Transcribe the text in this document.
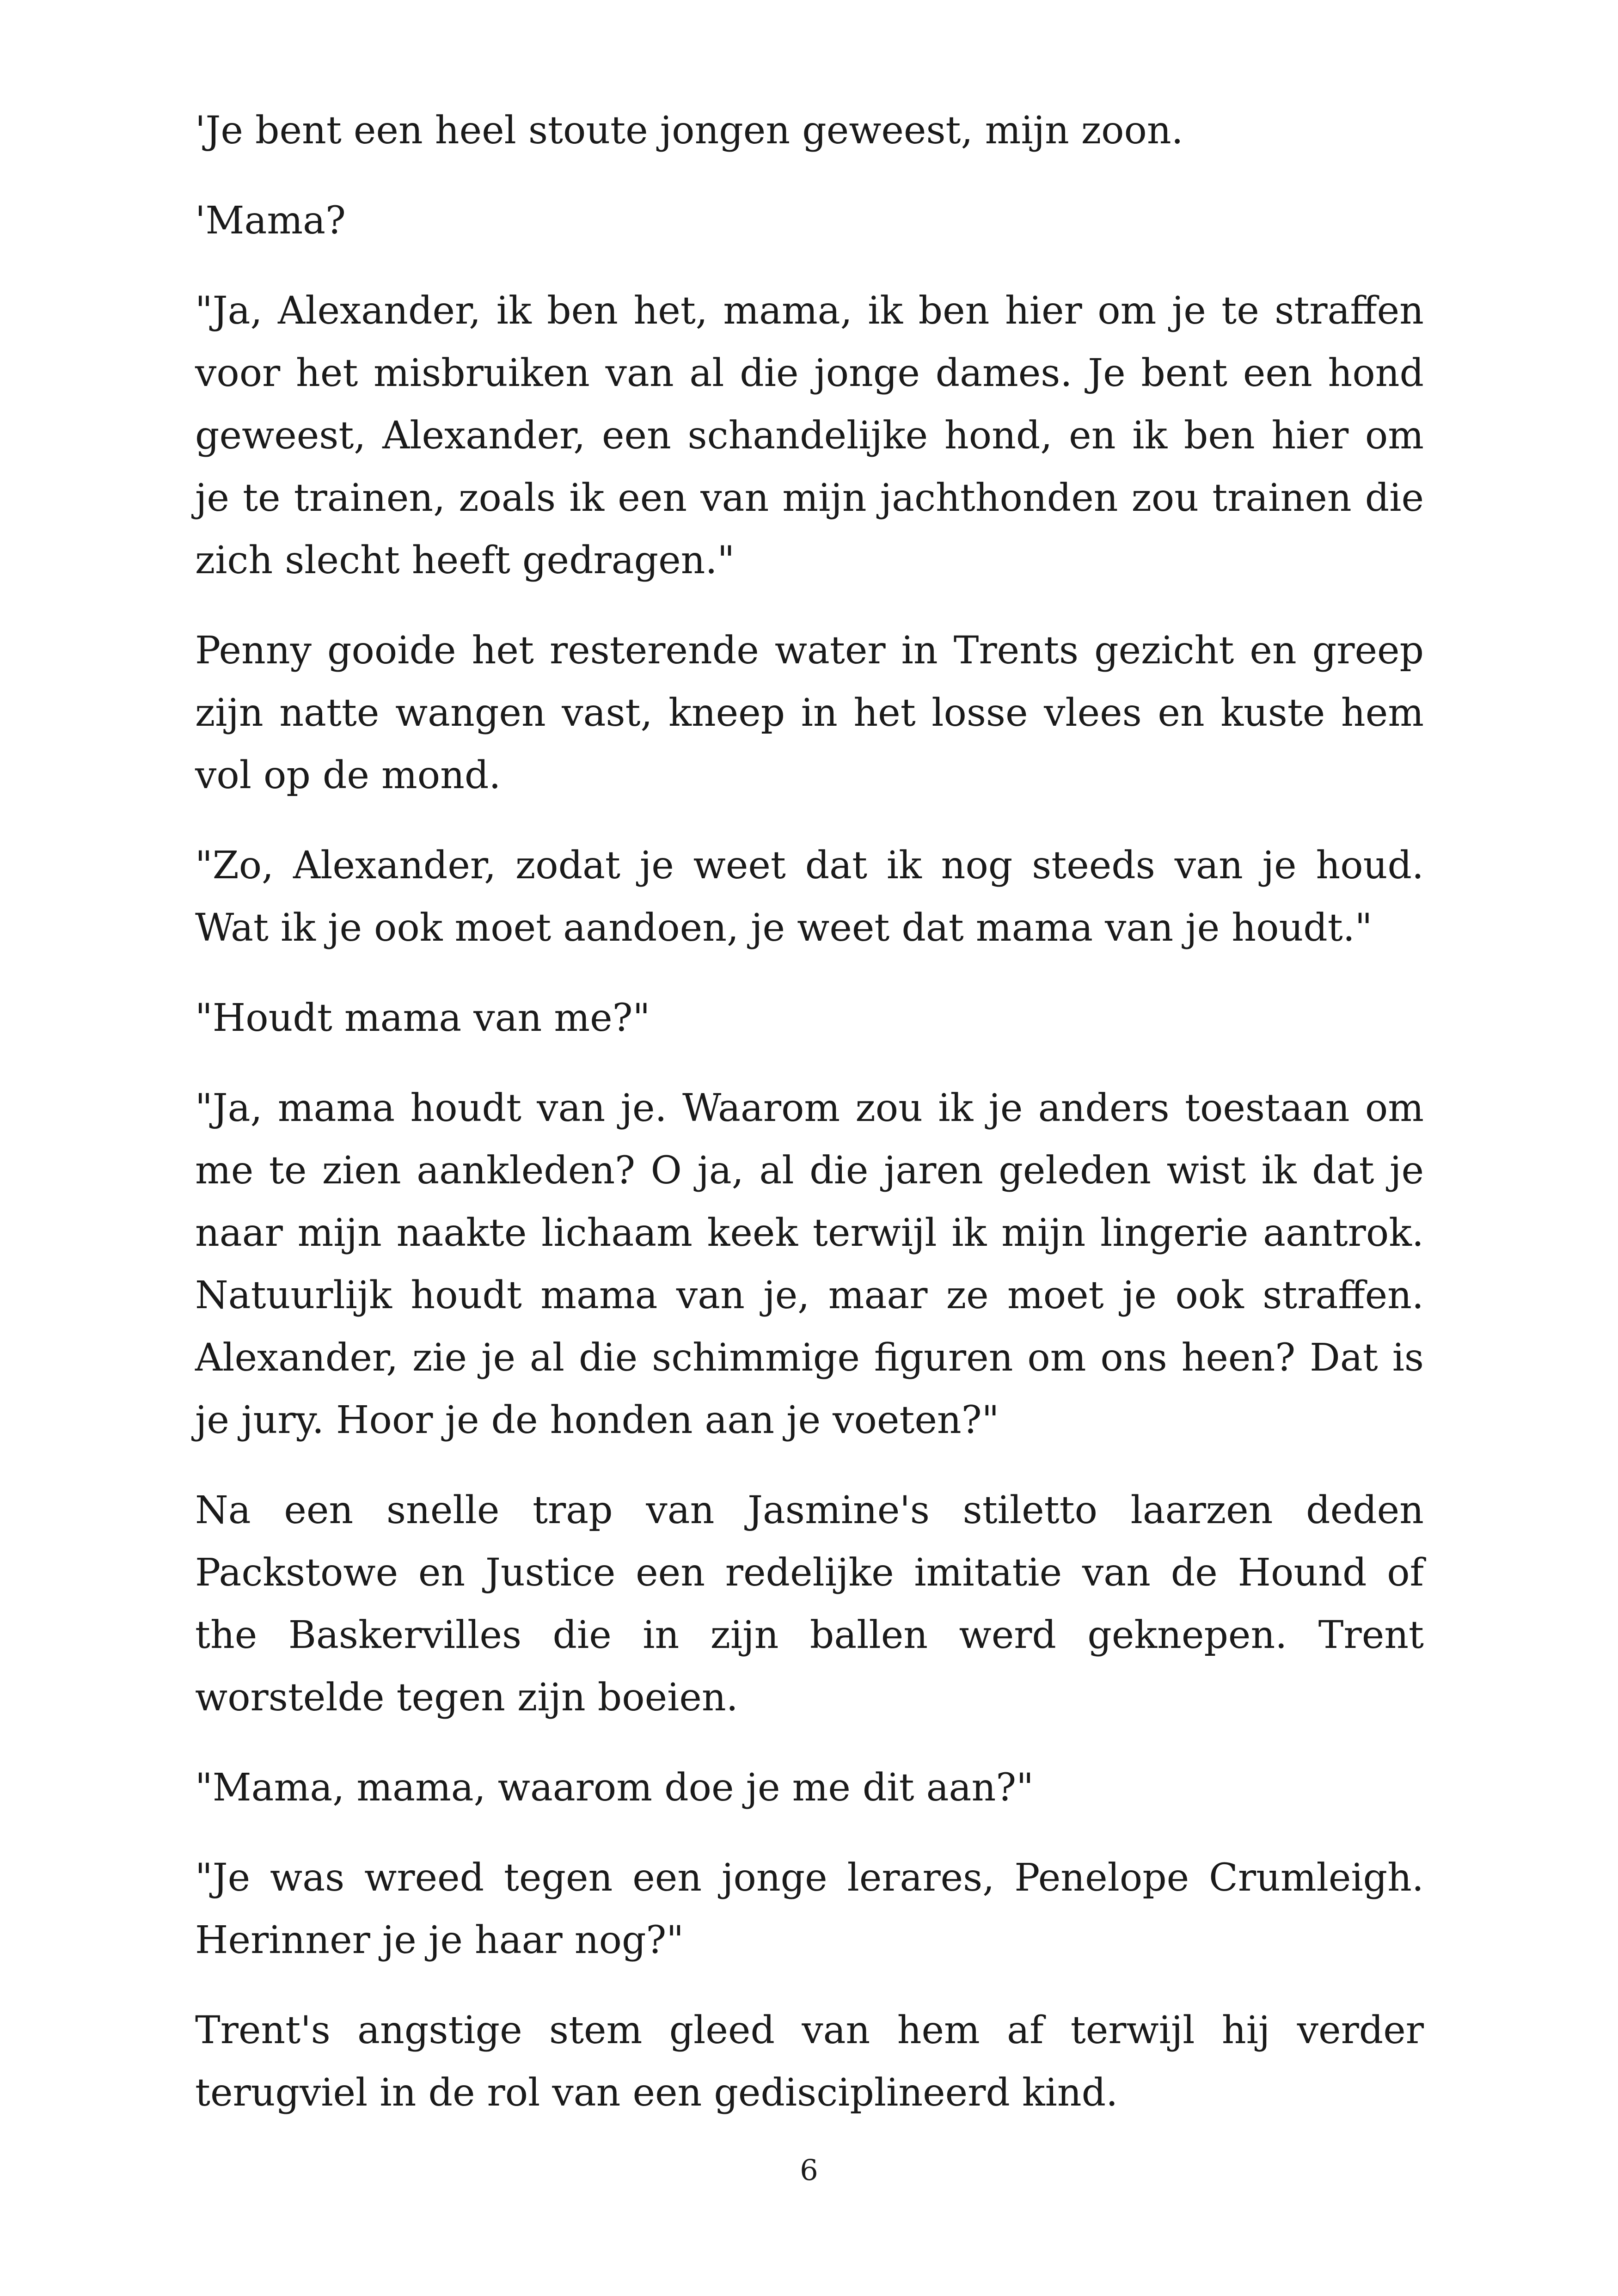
'Je bent een heel stoute jongen geweest, mijn zoon.

'Mama?

"Ja, Alexander, ik ben het, mama, ik ben hier om je te straffen voor het misbruiken van al die jonge dames. Je bent een hond geweest, Alexander, een schandelijke hond, en ik ben hier om je te trainen, zoals ik een van mijn jachthonden zou trainen die zich slecht heeft gedragen."

Penny gooide het resterende water in Trents gezicht en greep zijn natte wangen vast, kneep in het losse vlees en kuste hem vol op de mond.

"Zo, Alexander, zodat je weet dat ik nog steeds van je houd. Wat ik je ook moet aandoen, je weet dat mama van je houdt."

"Houdt mama van me?"

"Ja, mama houdt van je. Waarom zou ik je anders toestaan om me te zien aankleden? O ja, al die jaren geleden wist ik dat je naar mijn naakte lichaam keek terwijl ik mijn lingerie aantrok. Natuurlijk houdt mama van je, maar ze moet je ook straffen. Alexander, zie je al die schimmige figuren om ons heen? Dat is je jury. Hoor je de honden aan je voeten?"

Na een snelle trap van Jasmine's stiletto laarzen deden Packstowe en Justice een redelijke imitatie van de Hound of the Baskervilles die in zijn ballen werd geknepen. Trent worstelde tegen zijn boeien.

"Mama, mama, waarom doe je me dit aan?"

"Je was wreed tegen een jonge lerares, Penelope Crumleigh. Herinner je je haar nog?"

Trent's angstige stem gleed van hem af terwijl hij verder terugviel in de rol van een gedisciplineerd kind.

6
